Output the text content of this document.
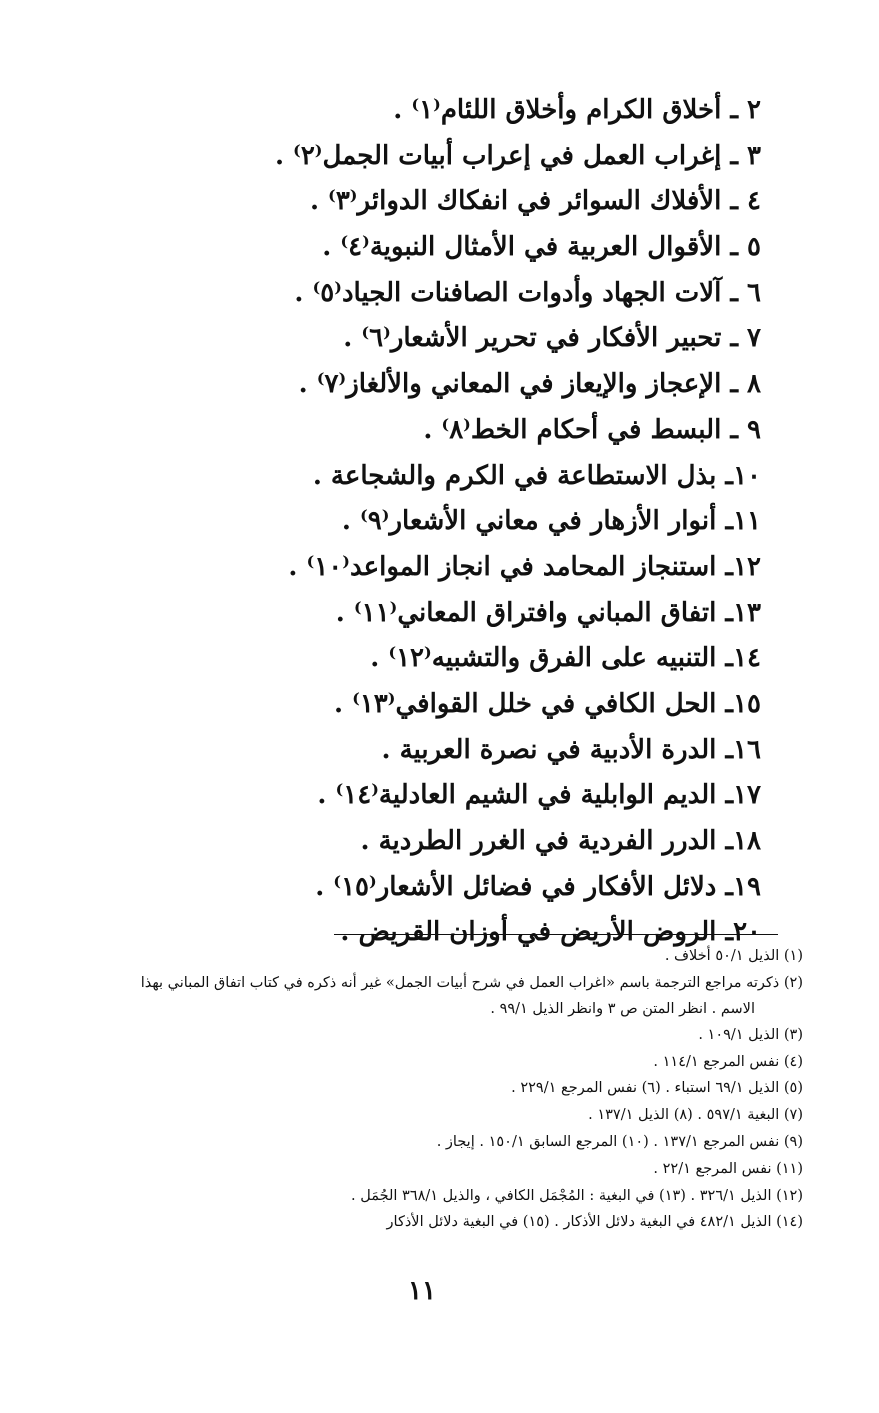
٢ ـ أخلاق الكرام وأخلاق اللئام⁽١⁾ .
٣ ـ إغراب العمل في إعراب أبيات الجمل⁽٢⁾ .
٤ ـ الأفلاك السوائر في انفكاك الدوائر⁽٣⁾ .
٥ ـ الأقوال العربية في الأمثال النبوية⁽٤⁾ .
٦ ـ آلات الجهاد وأدوات الصافنات الجياد⁽٥⁾ .
٧ ـ تحبير الأفكار في تحرير الأشعار⁽٦⁾ .
٨ ـ الإعجاز والإيعاز في المعاني والألغاز⁽٧⁾ .
٩ ـ البسط في أحكام الخط⁽٨⁾ .
١٠ـ بذل الاستطاعة في الكرم والشجاعة .
١١ـ أنوار الأزهار في معاني الأشعار⁽٩⁾ .
١٢ـ استنجاز المحامد في انجاز المواعد⁽١٠⁾ .
١٣ـ اتفاق المباني وافتراق المعاني⁽١١⁾ .
١٤ـ التنبيه على الفرق والتشبيه⁽١٢⁾ .
١٥ـ الحل الكافي في خلل القوافي⁽١٣⁾ .
١٦ـ الدرة الأدبية في نصرة العربية .
١٧ـ الديم الوابلية في الشيم العادلية⁽١٤⁾ .
١٨ـ الدرر الفردية في الغرر الطردية .
١٩ـ دلائل الأفكار في فضائل الأشعار⁽١٥⁾ .
٢٠ـ الروض الأريض في أوزان القريض .
(١) الذيل ٥٠/١ أخلاف .
(٢) ذكرته مراجع الترجمة باسم «اغراب العمل في شرح أبيات الجمل» غير أنه ذكره في كتاب اتفاق المباني بهذا
الاسم . انظر المتن ص ٣ وانظر الذيل ٩٩/١ .
(٣) الذيل ١٠٩/١ .
(٤) نفس المرجع ١١٤/١ .
(٥) الذيل ٦٩/١ استباء . (٦) نفس المرجع ٢٢٩/١ .
(٧) البغية ٥٩٧/١ . (٨) الذيل ١٣٧/١ .
(٩) نفس المرجع ١٣٧/١ . (١٠) المرجع السابق ١٥٠/١ . إيجاز .
(١١) نفس المرجع ٢٢/١ .
(١٢) الذيل ٣٢٦/١ . (١٣) في البغية : المُجْمَل الكافي ، والذيل ٣٦٨/١ الجُمَل .
(١٤) الذيل ٤٨٢/١ في البغية دلائل الأذكار . (١٥) في البغية دلائل الأذكار
١١
